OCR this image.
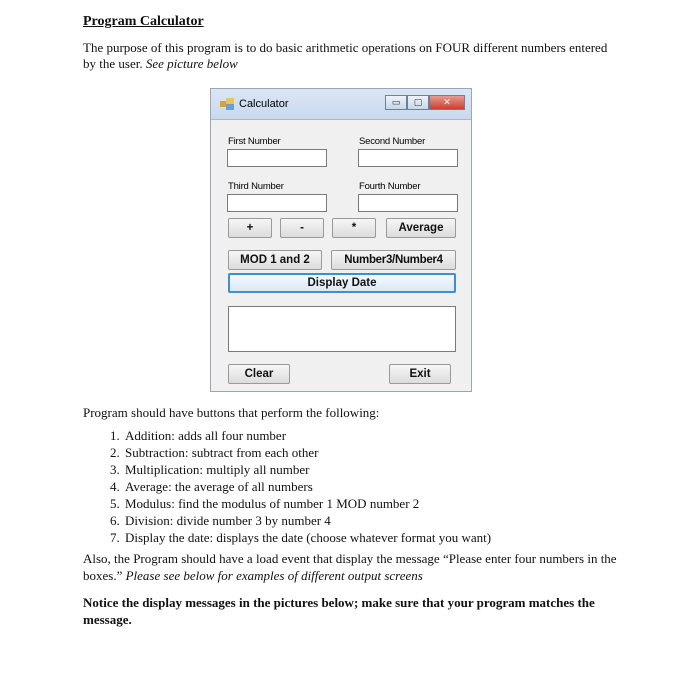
Program Calculator

The purpose of this program is to do basic arithmetic operations on FOUR different numbers entered by the user. See picture below

Calculator	▭	▢	✕
First Number	Second Number
Third Number	Fourth Number
+	-	*	Average
MOD 1 and 2	Number3/Number4
Display Date
Clear	Exit

Program should have buttons that perform the following:

1. Addition: adds all four number
2. Subtraction: subtract from each other
3. Multiplication: multiply all number
4. Average: the average of all numbers
5. Modulus: find the modulus of number 1 MOD number 2
6. Division: divide number 3 by number 4
7. Display the date: displays the date (choose whatever format you want)

Also, the Program should have a load event that display the message “Please enter four numbers in the boxes.” Please see below for examples of different output screens

Notice the display messages in the pictures below; make sure that your program matches the message.
